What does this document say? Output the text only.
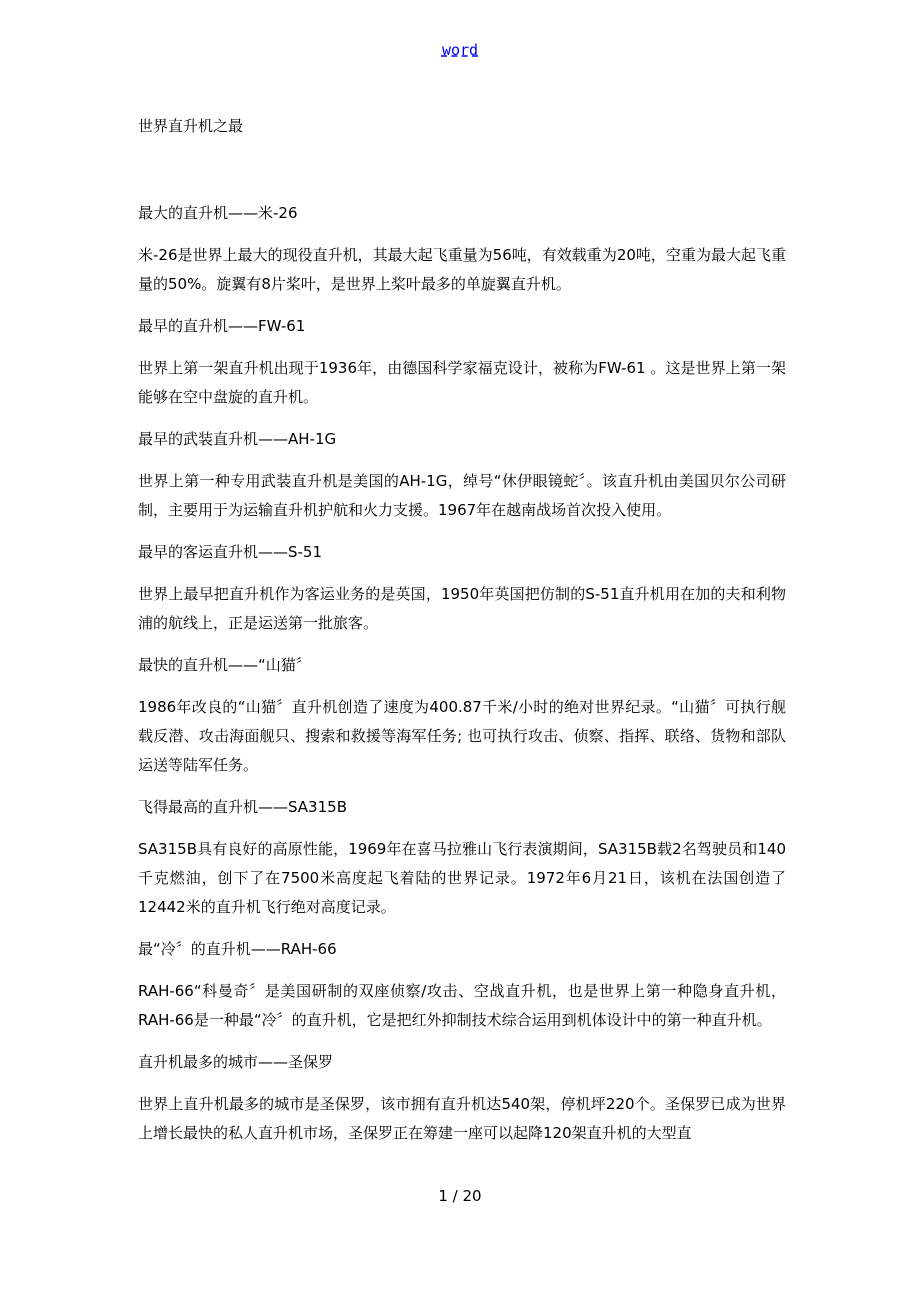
word
世界直升机之最
最大的直升机——米-26

米-26是世界上最大的现役直升机，其最大起飞重量为56吨，有效载重为20吨，空重为最大起飞重量的50%。旋翼有8片桨叶，是世界上桨叶最多的单旋翼直升机。

最早的直升机——FW-61

世界上第一架直升机出现于1936年，由德国科学家福克设计，被称为FW-61 。这是世界上第一架能够在空中盘旋的直升机。

最早的武装直升机——AH-1G

世界上第一种专用武装直升机是美国的AH-1G，绰号“休伊眼镜蛇〞。该直升机由美国贝尔公司研制，主要用于为运输直升机护航和火力支援。1967年在越南战场首次投入使用。

最早的客运直升机——S-51

世界上最早把直升机作为客运业务的是英国，1950年英国把仿制的S-51直升机用在加的夫和利物浦的航线上，正是运送第一批旅客。

最快的直升机——“山猫〞

1986年改良的“山猫〞直升机创造了速度为400.87千米/小时的绝对世界纪录。“山猫〞可执行舰载反潜、攻击海面舰只、搜索和救援等海军任务; 也可执行攻击、侦察、指挥、联络、货物和部队运送等陆军任务。

飞得最高的直升机——SA315B

SA315B具有良好的高原性能，1969年在喜马拉雅山飞行表演期间，SA315B载2名驾驶员和140千克燃油，创下了在7500米高度起飞着陆的世界记录。1972年6月21日，该机在法国创造了12442米的直升机飞行绝对高度记录。

最“冷〞的直升机——RAH-66

RAH-66“科曼奇〞是美国研制的双座侦察/攻击、空战直升机，也是世界上第一种隐身直升机，RAH-66是一种最“冷〞的直升机，它是把红外抑制技术综合运用到机体设计中的第一种直升机。

直升机最多的城市——圣保罗

世界上直升机最多的城市是圣保罗，该市拥有直升机达540架，停机坪220个。圣保罗已成为世界上增长最快的私人直升机市场，圣保罗正在筹建一座可以起降120架直升机的大型直

1 / 20
